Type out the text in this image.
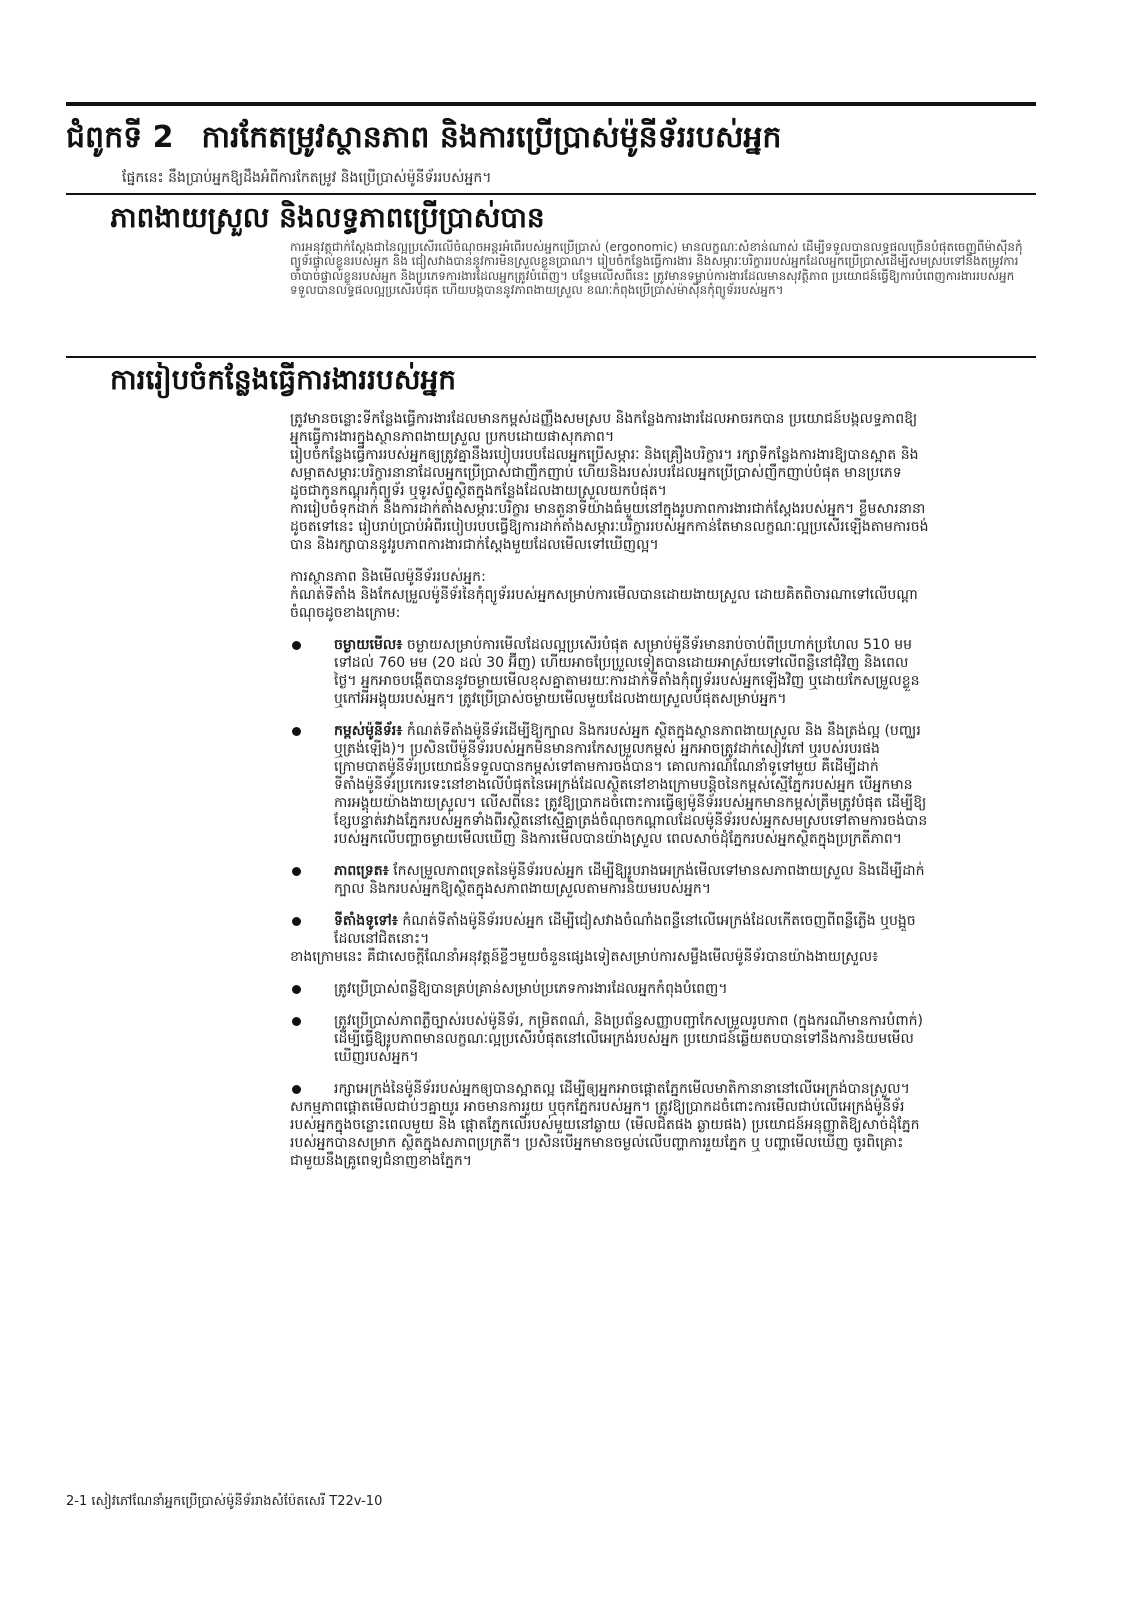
ជំពូកទី 2 ការកែតម្រូវស្ថានភាព និងការប្រើប្រាស់ម៉ូនីទ័ររបស់អ្នក
ផ្នែកនេះ នឹងប្រាប់អ្នកឱ្យដឹងអំពីការកែតម្រូវ និងប្រើប្រាស់ម៉ូនីទ័ររបស់អ្នក។
ភាពងាយស្រួល និងលទ្ធភាពប្រើប្រាស់បាន
ការអនុវត្តជាក់ស្តែងជានៃល្អប្រសើរលើចំណុចអន្តរអំពើរបស់អ្នកប្រើប្រាស់ (ergonomic) មានលក្ខណៈសំខាន់ណាស់ ដើម្បីទទួលបានលទ្ធផលច្រើនបំផុតចេញពីម៉ាស៊ីនកុំព្យូទ័រផ្ទាល់ខ្លួនរបស់អ្នក និង ជៀសវាងបាននូវការមិនស្រួលខ្លួនប្រាណ។ រៀបចំកន្លែងធ្វើការងារ និងសម្ភារៈបរិក្ខាររបស់អ្នកដែលអ្នកប្រើប្រាស់ដើម្បីសមស្របទៅនឹងតម្រូវការចាំបាច់ផ្ទាល់ខ្លួនរបស់អ្នក និងប្រភេទការងារដែលអ្នកត្រូវបំពេញ។ បន្ថែមលើសពីនេះ ត្រូវមានទម្លាប់ការងារដែលមានសុវត្ថិភាព ប្រយោជន៍ធ្វើឱ្យការបំពេញការងាររបស់អ្នកទទួលបានលទ្ធផលល្អប្រសើរបំផុត ហើយបង្កបាននូវភាពងាយស្រួល ខណៈកំពុងប្រើប្រាស់ម៉ាស៊ីនកុំព្យូទ័ររបស់អ្នក។
ការរៀបចំកន្លែងធ្វើការងាររបស់អ្នក

ត្រូវមានចន្លោះទីកន្លែងធ្វើការងារដែលមានកម្ពស់ដញ្ញឹងសមស្រប និងកន្លែងការងារដែលអាចរកបាន ប្រយោជន៍បង្កលទ្ធភាពឱ្យអ្នកធ្វើការងារក្នុងស្ថានភាពងាយស្រួល ប្រកបដោយផាសុកភាព។

រៀបចំកន្លែងធ្វើការរបស់អ្នកឲ្យត្រូវគ្នានឹងរបៀបរបបដែលអ្នកប្រើសម្ភារៈ និងគ្រឿងបរិក្ខារ។ រក្សាទីកន្លែងការងារឱ្យបានស្អាត និងសម្អាតសម្ភារៈបរិក្ខារនានាដែលអ្នកប្រើប្រាស់ជាញឹកញាប់ ហើយនិងរបស់របរដែលអ្នកប្រើប្រាស់ញឹកញាប់បំផុត មានប្រភេទដូចជាកូនកណ្តុរកុំព្យូទ័រ ឬទូរស័ព្ទស្ថិតក្នុងកន្លែងដែលងាយស្រួលយកបំផុត។

ការរៀបចំទុកដាក់ និងការដាក់តាំងសម្ភារៈបរិក្ខារ មានតួនាទីយ៉ាងធំមួយនៅក្នុងរូបភាពការងារជាក់ស្តែងរបស់អ្នក។ ខ្លឹមសារនានាដូចតទៅនេះ រៀបរាប់ប្រាប់អំពីរបៀបរបបធ្វើឱ្យការដាក់តាំងសម្ភារៈបរិក្ខាររបស់អ្នកកាន់តែមានលក្ខណៈល្អប្រសើរឡើងតាមការចង់បាន និងរក្សាបាននូវរូបភាពការងារជាក់ស្តែងមួយដែលមើលទៅឃើញល្អ។

ការស្ថានភាព និងមើលម៉ូនីទ័ររបស់អ្នក:

កំណត់ទីតាំង និងកែសម្រួលម៉ូនីទ័រនៃកុំព្យូទ័ររបស់អ្នកសម្រាប់ការមើលបានដោយងាយស្រួល ដោយគិតពិចារណាទៅលើបណ្តាចំណុចដូចខាងក្រោម:

ចម្ងាយមើល៖ ចម្ងាយសម្រាប់ការមើលដែលល្អប្រសើរបំផុត សម្រាប់ម៉ូនីទ័រមានរាប់ចាប់ពីប្រហាក់ប្រហែល 510 មម ទៅដល់ 760 មម (20 ដល់ 30 អ៊ីញ) ហើយអាចប្រែប្រួលទៀតបានដោយអាស្រ័យទៅលើពន្លឺនៅជុំវិញ និងពេលថ្ងៃ។ អ្នកអាចបង្កើតបាននូវចម្ងាយមើលខុសគ្នាតាមរយៈការដាក់ទីតាំងកុំព្យូទ័ររបស់អ្នកឡើងវិញ ឬដោយកែសម្រួលខ្លួន ឬកៅអីអង្គុយរបស់អ្នក។ ត្រូវប្រើប្រាស់ចម្ងាយមើលមួយដែលងាយស្រួលបំផុតសម្រាប់អ្នក។
កម្ពស់ម៉ូនីទ័រ៖ កំណត់ទីតាំងម៉ូនីទ័រដើម្បីឱ្យក្បាល និងករបស់អ្នក ស្ថិតក្នុងស្ថានភាពងាយស្រួល និង នឹងត្រង់ល្អ (បញ្ឈរ ឬត្រង់ឡើង)។ ប្រសិនបើម៉ូនីទ័ររបស់អ្នកមិនមានការកែសម្រួលកម្ពស់ អ្នកអាចត្រូវដាក់សៀវភៅ ឬរបស់របរផងក្រោមបាតម៉ូនីទ័រប្រយោជន៍ទទួលបានកម្ពស់ទៅតាមការចង់បាន។ គោលការណ៍ណែនាំទូទៅមួយ គឺដើម្បីដាក់ទីតាំងម៉ូនីទ័រប្រកេរទេះនៅខាងលើបំផុតនៃអេក្រង់ដែលស្ថិតនៅខាងក្រោមបន្តិចនៃកម្ពស់ស្មើភ្នែករបស់អ្នក បើអ្នកមានការអង្គុយយ៉ាងងាយស្រួល។ លើសពីនេះ ត្រូវឱ្យប្រាកដចំពោះការធ្វើឲ្យម៉ូនីទ័ររបស់អ្នកមានកម្ពស់ត្រឹមត្រូវបំផុត ដើម្បីឱ្យខ្សែបន្ទាត់រវាងភ្នែករបស់អ្នកទាំងពីរស្ថិតនៅស្មើគ្នាត្រង់ចំណុចកណ្តាលដែលម៉ូនីទ័ររបស់អ្នកសមស្របទៅតាមការចង់បានរបស់អ្នកលើបញ្ហាចម្ងាយមើលឃើញ និងការមើលបានយ៉ាងស្រួល ពេលសាច់ដុំភ្នែករបស់អ្នកស្ថិតក្នុងប្រក្រតីភាព។
ភាពទ្រេត៖ កែសម្រួលភាពទ្រេតនៃម៉ូនីទ័ររបស់អ្នក ដើម្បីឱ្យរូបរាងអេក្រង់មើលទៅមានសភាពងាយស្រួល និងដើម្បីដាក់ក្បាល និងករបស់អ្នកឱ្យស្ថិតក្នុងសភាពងាយស្រួលតាមការនិយមរបស់អ្នក។
ទីតាំងទូទៅ៖ កំណត់ទីតាំងម៉ូនីទ័ររបស់អ្នក ដើម្បីជៀសវាងចំណាំងពន្លឺនៅលើអេក្រង់ដែលកើតចេញពីពន្លឺភ្លើង ឬបង្អួចដែលនៅជិតនោះ។

ខាងក្រោមនេះ គឺជាសេចក្តីណែនាំអនុវត្តន៍ខ្លីៗមួយចំនួនផ្សេងទៀតសម្រាប់ការសម្លឹងមើលម៉ូនីទ័របានយ៉ាងងាយស្រួល៖

ត្រូវប្រើប្រាស់ពន្លឺឱ្យបានគ្រប់គ្រាន់សម្រាប់ប្រភេទការងារដែលអ្នកកំពុងបំពេញ។
ត្រូវប្រើប្រាស់ភាពភ្លឺច្បាស់របស់ម៉ូនីទ័រ, កម្រិតពណ៌, និងប្រព័ន្ធសញ្ញាបញ្ជាកែសម្រួលរូបភាព (ក្នុងករណីមានការបំពាក់) ដើម្បីធ្វើឱ្យរូបភាពមានលក្ខណៈល្អប្រសើរបំផុតនៅលើអេក្រង់របស់អ្នក ប្រយោជន៍ឆ្លើយតបបានទៅនឹងការនិយមមើលឃើញរបស់អ្នក។
រក្សាអេក្រង់នៃម៉ូនីទ័ររបស់អ្នកឲ្យបានស្អាតល្អ ដើម្បីឲ្យអ្នកអាចផ្តោតភ្នែកមើលមាតិកានានានៅលើអេក្រង់បានស្រួល។

សកម្មភាពផ្តោតមើលជាប់ៗគ្នាយូរ អាចមានការរួយ ឬចុកភ្នែករបស់អ្នក។ ត្រូវឱ្យប្រាកដចំពោះការមើលជាប់លើអេក្រង់ម៉ូនីទ័ររបស់អ្នកក្នុងចន្លោះពេលមួយ និង ផ្តោតភ្នែកលើរបស់មួយនៅឆ្ងាយ (មើលជិតផង ឆ្ងាយផង) ប្រយោជន៍អនុញ្ញាតិឱ្យសាច់ដុំភ្នែករបស់អ្នកបានសម្រាក ស្ថិតក្នុងសភាពប្រក្រតី។ ប្រសិនបើអ្នកមានចម្ងល់លើបញ្ហាការរួយភ្នែក ឬ បញ្ហាមើលឃើញ ចូរពិគ្រោះជាមួយនឹងគ្រូពេទ្យជំនាញខាងភ្នែក។

2-1 សៀវភៅណែនាំអ្នកប្រើប្រាស់ម៉ូនីទ័ររាងសំប៉ែតសេរី T22v-10
